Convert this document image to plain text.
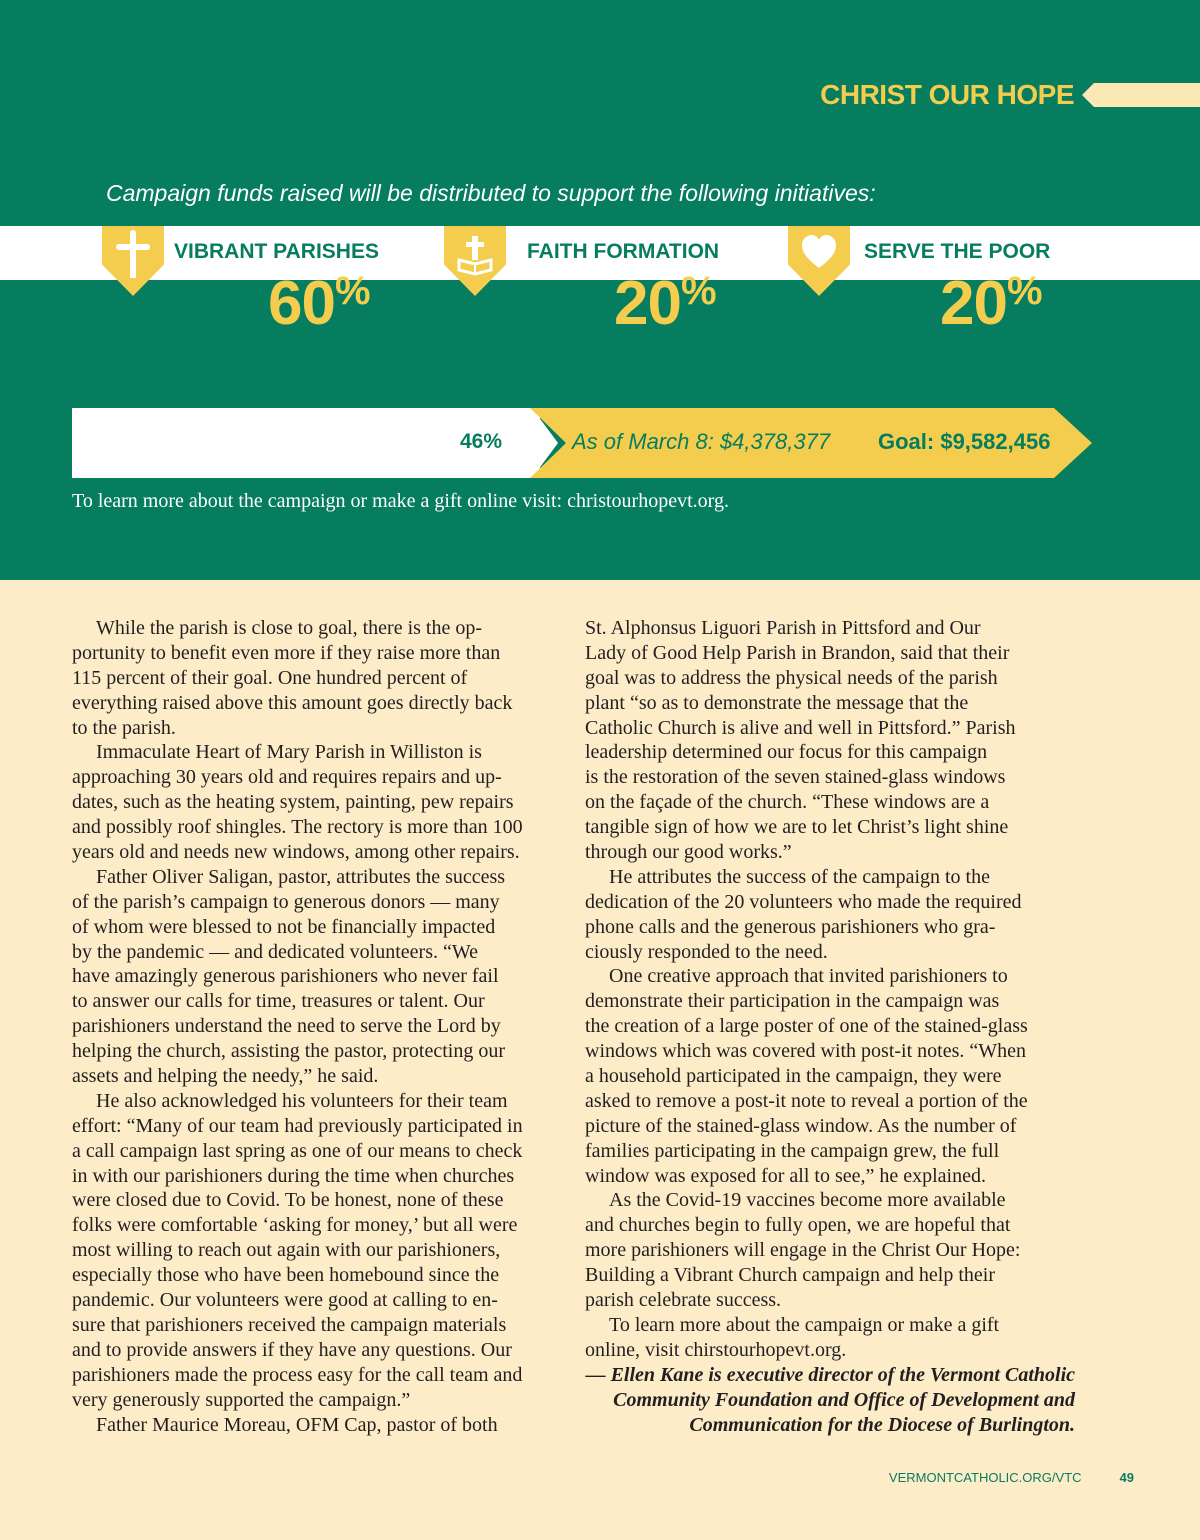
CHRIST OUR HOPE
Campaign funds raised will be distributed to support the following initiatives:
VIBRANT PARISHES
60%
FAITH FORMATION
20%
SERVE THE POOR
20%
46%	As of March 8: $4,378,377 Goal: $9,582,456
To learn more about the campaign or make a gift online visit: christourhopevt.org.
While the parish is close to goal, there is the op-
portunity to benefit even more if they raise more than
115 percent of their goal. One hundred percent of
everything raised above this amount goes directly back
to the parish.
Immaculate Heart of Mary Parish in Williston is
approaching 30 years old and requires repairs and up-
dates, such as the heating system, painting, pew repairs
and possibly roof shingles. The rectory is more than 100
years old and needs new windows, among other repairs.
Father Oliver Saligan, pastor, attributes the success
of the parish’s campaign to generous donors — many
of whom were blessed to not be financially impacted
by the pandemic — and dedicated volunteers. “We
have amazingly generous parishioners who never fail
to answer our calls for time, treasures or talent. Our
parishioners understand the need to serve the Lord by
helping the church, assisting the pastor, protecting our
assets and helping the needy,” he said.
He also acknowledged his volunteers for their team
effort: “Many of our team had previously participated in
a call campaign last spring as one of our means to check
in with our parishioners during the time when churches
were closed due to Covid. To be honest, none of these
folks were comfortable ‘asking for money,’ but all were
most willing to reach out again with our parishioners,
especially those who have been homebound since the
pandemic. Our volunteers were good at calling to en-
sure that parishioners received the campaign materials
and to provide answers if they have any questions. Our
parishioners made the process easy for the call team and
very generously supported the campaign.”
Father Maurice Moreau, OFM Cap, pastor of both
St. Alphonsus Liguori Parish in Pittsford and Our
Lady of Good Help Parish in Brandon, said that their
goal was to address the physical needs of the parish
plant “so as to demonstrate the message that the
Catholic Church is alive and well in Pittsford.” Parish
leadership determined our focus for this campaign
is the restoration of the seven stained-glass windows
on the façade of the church. “These windows are a
tangible sign of how we are to let Christ’s light shine
through our good works.”
He attributes the success of the campaign to the
dedication of the 20 volunteers who made the required
phone calls and the generous parishioners who gra-
ciously responded to the need.
One creative approach that invited parishioners to
demonstrate their participation in the campaign was
the creation of a large poster of one of the stained-glass
windows which was covered with post-it notes. “When
a household participated in the campaign, they were
asked to remove a post-it note to reveal a portion of the
picture of the stained-glass window. As the number of
families participating in the campaign grew, the full
window was exposed for all to see,” he explained.
As the Covid-19 vaccines become more available
and churches begin to fully open, we are hopeful that
more parishioners will engage in the Christ Our Hope:
Building a Vibrant Church campaign and help their
parish celebrate success.
To learn more about the campaign or make a gift
online, visit chirstourhopevt.org.
— Ellen Kane is executive director of the Vermont Catholic
Community Foundation and Office of Development and
Communication for the Diocese of Burlington.
VERMONTCATHOLIC.ORG/VTC	49
